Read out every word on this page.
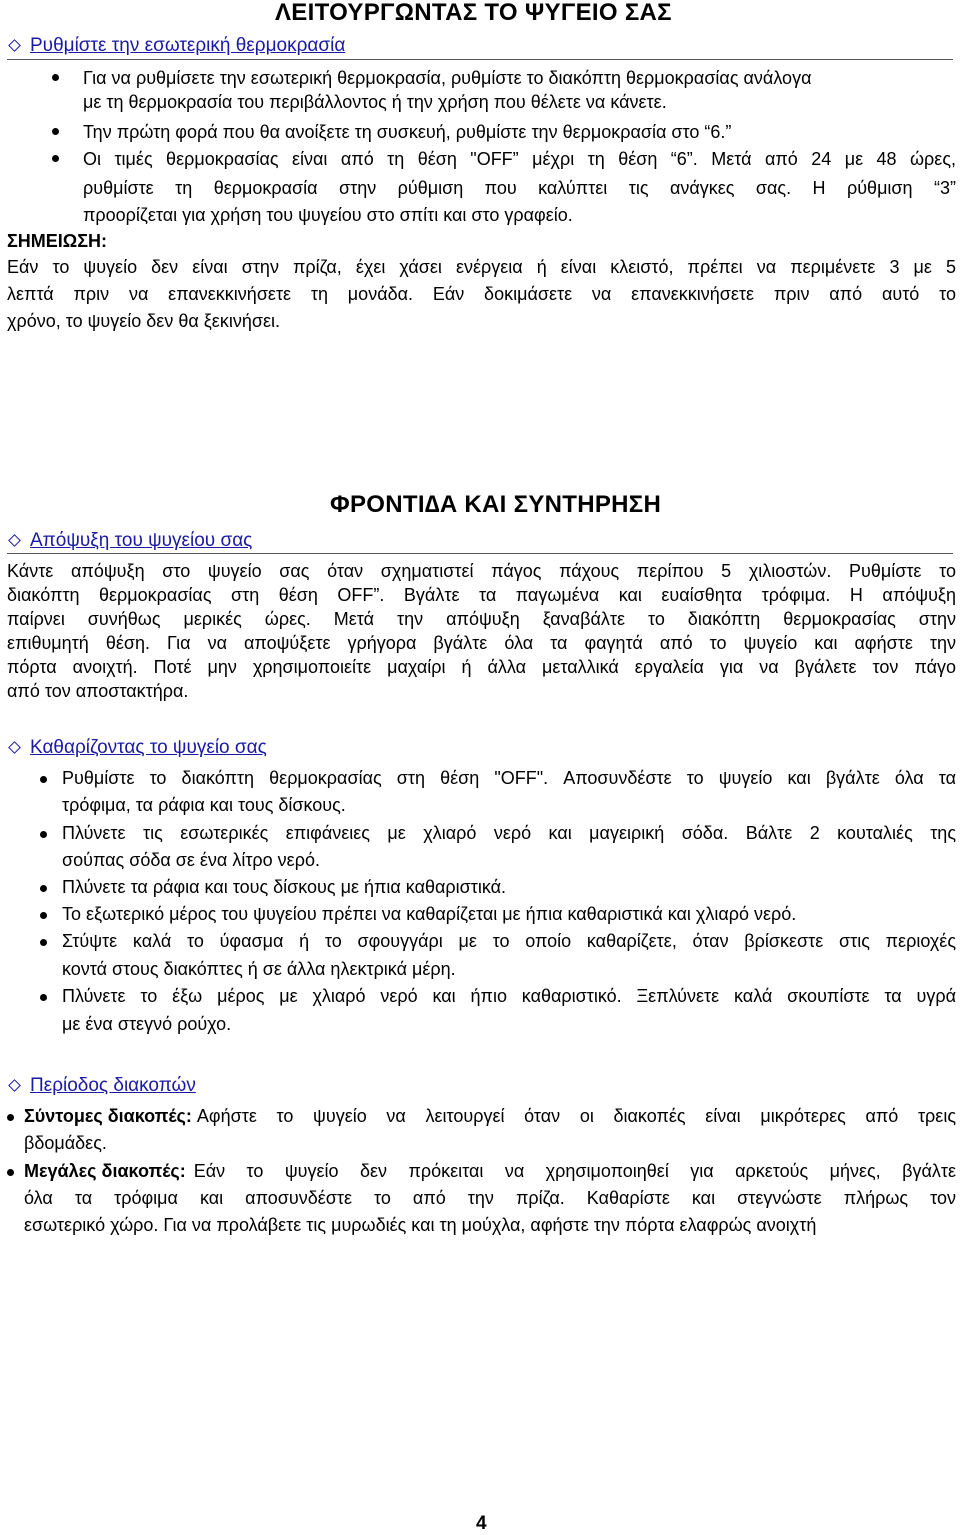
ΛΕΙΤΟΥΡΓΩΝΤΑΣ ΤΟ ΨΥΓΕΙΟ ΣΑΣ
Ρυθμίστε την εσωτερική θερμοκρασία
Για να ρυθμίσετε την εσωτερική θερμοκρασία, ρυθμίστε το διακόπτη θερμοκρασίας ανάλογα
με τη θερμοκρασία του περιβάλλοντος ή την χρήση που θέλετε να κάνετε.
Την πρώτη φορά που θα ανοίξετε τη συσκευή, ρυθμίστε την θερμοκρασία στο “6.”
Οι τιμές θερμοκρασίας είναι από τη θέση "OFF” μέχρι τη θέση “6”. Μετά από 24 με 48 ώρες,
ρυθμίστε τη θερμοκρασία στην ρύθμιση που καλύπτει τις ανάγκες σας. Η ρύθμιση “3”
προορίζεται για χρήση του ψυγείου στο σπίτι και στο γραφείο.
ΣΗΜΕΙΩΣΗ:
Εάν το ψυγείο δεν είναι στην πρίζα, έχει χάσει ενέργεια ή είναι κλειστό, πρέπει να περιμένετε 3 με 5
λεπτά πριν να επανεκκινήσετε τη μονάδα. Εάν δοκιμάσετε να επανεκκινήσετε πριν από αυτό το
χρόνο, το ψυγείο δεν θα ξεκινήσει.
ΦΡΟΝΤΙ∆Α ΚΑΙ ΣΥΝΤΗΡΗΣΗ
Απόψυξη του ψυγείου σας
Κάντε απόψυξη στο ψυγείο σας όταν σχηματιστεί πάγος πάχους περίπου 5 χιλιοστών. Ρυθμίστε το
διακόπτη θερμοκρασίας στη θέση OFF”. Βγάλτε τα παγωμένα και ευαίσθητα τρόφιμα. Η απόψυξη
παίρνει συνήθως μερικές ώρες. Μετά την απόψυξη ξαναβάλτε το διακόπτη θερμοκρασίας στην
επιθυμητή θέση. Για να αποψύξετε γρήγορα βγάλτε όλα τα φαγητά από το ψυγείο και αφήστε την
πόρτα ανοιχτή. Ποτέ μην χρησιμοποιείτε μαχαίρι ή άλλα μεταλλικά εργαλεία για να βγάλετε τον πάγο
από τον αποστακτήρα.
Καθαρίζοντας το ψυγείο σας
Ρυθμίστε το διακόπτη θερμοκρασίας στη θέση "OFF". Αποσυνδέστε το ψυγείο και βγάλτε όλα τα
τρόφιμα, τα ράφια και τους δίσκους.
Πλύνετε τις εσωτερικές επιφάνειες με χλιαρό νερό και μαγειρική σόδα. Βάλτε 2 κουταλιές της
σούπας σόδα σε ένα λίτρο νερό.
Πλύνετε τα ράφια και τους δίσκους με ήπια καθαριστικά.
Το εξωτερικό μέρος του ψυγείου πρέπει να καθαρίζεται με ήπια καθαριστικά και χλιαρό νερό.
Στύψτε καλά το ύφασμα ή το σφουγγάρι με το οποίο καθαρίζετε, όταν βρίσκεστε στις περιοχές
κοντά στους διακόπτες ή σε άλλα ηλεκτρικά μέρη.
Πλύνετε το έξω μέρος με χλιαρό νερό και ήπιο καθαριστικό. Ξεπλύνετε καλά σκουπίστε τα υγρά
με ένα στεγνό ρούχο.
Περίοδος διακοπών
Σύντομες διακοπές: Αφήστε το ψυγείο να λειτουργεί όταν οι διακοπές είναι μικρότερες από τρεις
βδομάδες.
Μεγάλες διακοπές: Εάν το ψυγείο δεν πρόκειται να χρησιμοποιηθεί για αρκετούς μήνες, βγάλτε
όλα τα τρόφιμα και αποσυνδέστε το από την πρίζα. Καθαρίστε και στεγνώστε πλήρως τον
εσωτερικό χώρο. Για να προλάβετε τις μυρωδιές και τη μούχλα, αφήστε την πόρτα ελαφρώς ανοιχτή
4
